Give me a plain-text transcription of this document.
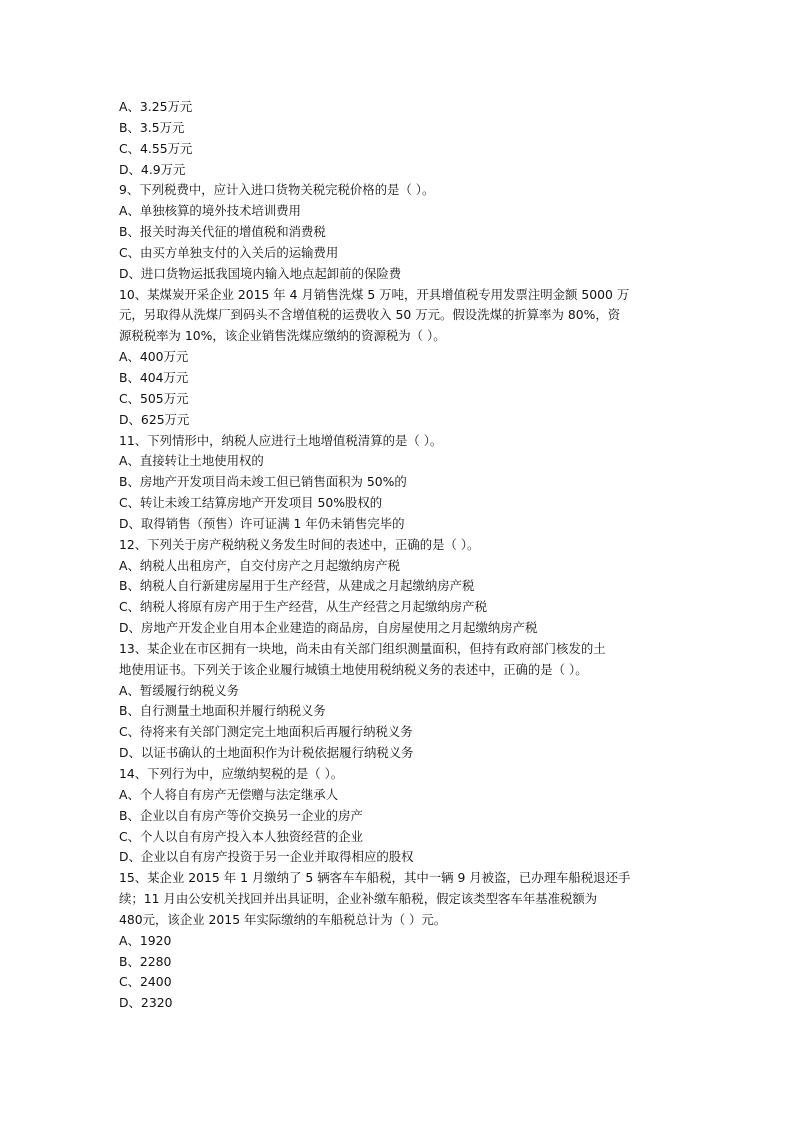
A、3.25万元
B、3.5万元
C、4.55万元
D、4.9万元
9、下列税费中，应计入进口货物关税完税价格的是（ ）。
A、单独核算的境外技术培训费用
B、报关时海关代征的增值税和消费税
C、由买方单独支付的入关后的运输费用
D、进口货物运抵我国境内输入地点起卸前的保险费
10、某煤炭开采企业 2015 年 4 月销售洗煤 5 万吨，开具增值税专用发票注明金额 5000 万
元，另取得从洗煤厂到码头不含增值税的运费收入 50 万元。假设洗煤的折算率为 80%，资
源税税率为 10%，该企业销售洗煤应缴纳的资源税为（ ）。
A、400万元
B、404万元
C、505万元
D、625万元
11、下列情形中，纳税人应进行土地增值税清算的是（ ）。
A、直接转让土地使用权的
B、房地产开发项目尚未竣工但已销售面积为 50%的
C、转让未竣工结算房地产开发项目 50%股权的
D、取得销售（预售）许可证满 1 年仍未销售完毕的
12、下列关于房产税纳税义务发生时间的表述中，正确的是（ ）。
A、纳税人出租房产，自交付房产之月起缴纳房产税
B、纳税人自行新建房屋用于生产经营，从建成之月起缴纳房产税
C、纳税人将原有房产用于生产经营，从生产经营之月起缴纳房产税
D、房地产开发企业自用本企业建造的商品房，自房屋使用之月起缴纳房产税
13、某企业在市区拥有一块地，尚未由有关部门组织测量面积，但持有政府部门核发的土
地使用证书。下列关于该企业履行城镇土地使用税纳税义务的表述中，正确的是（ ）。
A、暂缓履行纳税义务
B、自行测量土地面积并履行纳税义务
C、待将来有关部门测定完土地面积后再履行纳税义务
D、以证书确认的土地面积作为计税依据履行纳税义务
14、下列行为中，应缴纳契税的是（ ）。
A、个人将自有房产无偿赠与法定继承人
B、企业以自有房产等价交换另一企业的房产
C、个人以自有房产投入本人独资经营的企业
D、企业以自有房产投资于另一企业并取得相应的股权
15、某企业 2015 年 1 月缴纳了 5 辆客车车船税，其中一辆 9 月被盗，已办理车船税退还手
续；11 月由公安机关找回并出具证明，企业补缴车船税，假定该类型客车年基准税额为
480元，该企业 2015 年实际缴纳的车船税总计为（ ）元。
A、1920
B、2280
C、2400
D、2320
